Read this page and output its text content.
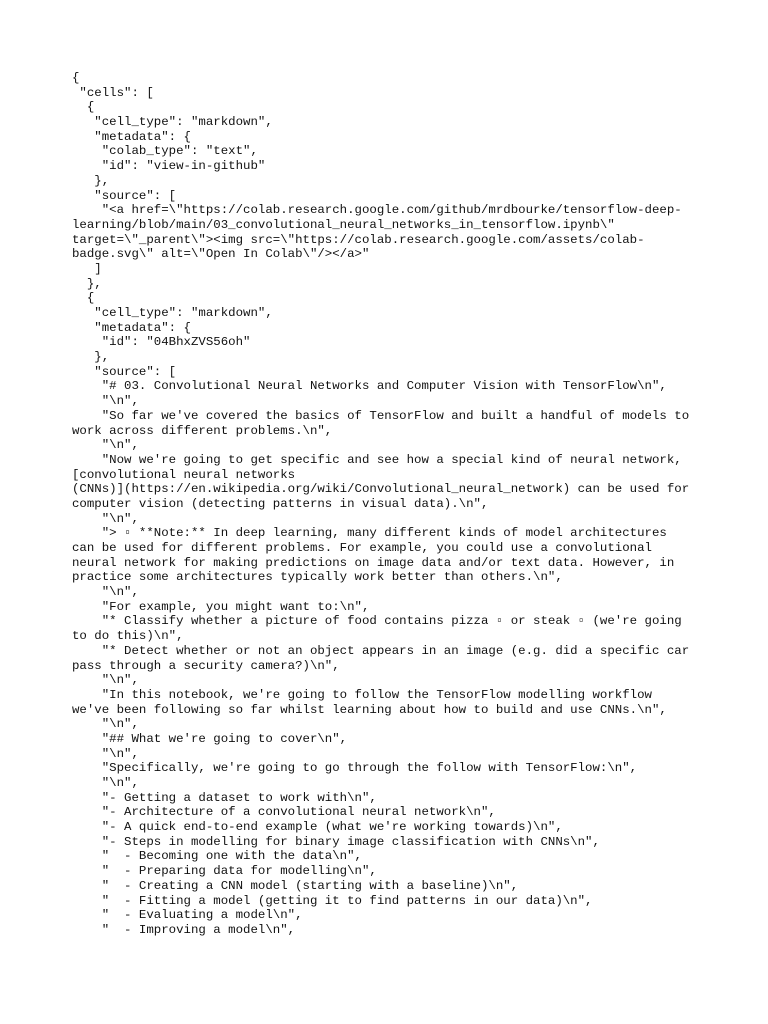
{
"cells": [
{
"cell_type": "markdown",
"metadata": {
"colab_type": "text",
"id": "view-in-github"
},
"source": [
"<a href=\"https://colab.research.google.com/github/mrdbourke/tensorflow-deep-
learning/blob/main/03_convolutional_neural_networks_in_tensorflow.ipynb\"
target=\"_parent\"><img src=\"https://colab.research.google.com/assets/colab-
badge.svg\" alt=\"Open In Colab\"/></a>"
]
},
{
"cell_type": "markdown",
"metadata": {
"id": "04BhxZVS56oh"
},
"source": [
"# 03. Convolutional Neural Networks and Computer Vision with TensorFlow\n",
"\n",
"So far we've covered the basics of TensorFlow and built a handful of models to
work across different problems.\n",
"\n",
"Now we're going to get specific and see how a special kind of neural network,
[convolutional neural networks
(CNNs)](https://en.wikipedia.org/wiki/Convolutional_neural_network) can be used for
computer vision (detecting patterns in visual data).\n",
"\n",
"> ▫ **Note:** In deep learning, many different kinds of model architectures
can be used for different problems. For example, you could use a convolutional
neural network for making predictions on image data and/or text data. However, in
practice some architectures typically work better than others.\n",
"\n",
"For example, you might want to:\n",
"* Classify whether a picture of food contains pizza ▫ or steak ▫ (we're going
to do this)\n",
"* Detect whether or not an object appears in an image (e.g. did a specific car
pass through a security camera?)\n",
"\n",
"In this notebook, we're going to follow the TensorFlow modelling workflow
we've been following so far whilst learning about how to build and use CNNs.\n",
"\n",
"## What we're going to cover\n",
"\n",
"Specifically, we're going to go through the follow with TensorFlow:\n",
"\n",
"- Getting a dataset to work with\n",
"- Architecture of a convolutional neural network\n",
"- A quick end-to-end example (what we're working towards)\n",
"- Steps in modelling for binary image classification with CNNs\n",
"  - Becoming one with the data\n",
"  - Preparing data for modelling\n",
"  - Creating a CNN model (starting with a baseline)\n",
"  - Fitting a model (getting it to find patterns in our data)\n",
"  - Evaluating a model\n",
"  - Improving a model\n",
